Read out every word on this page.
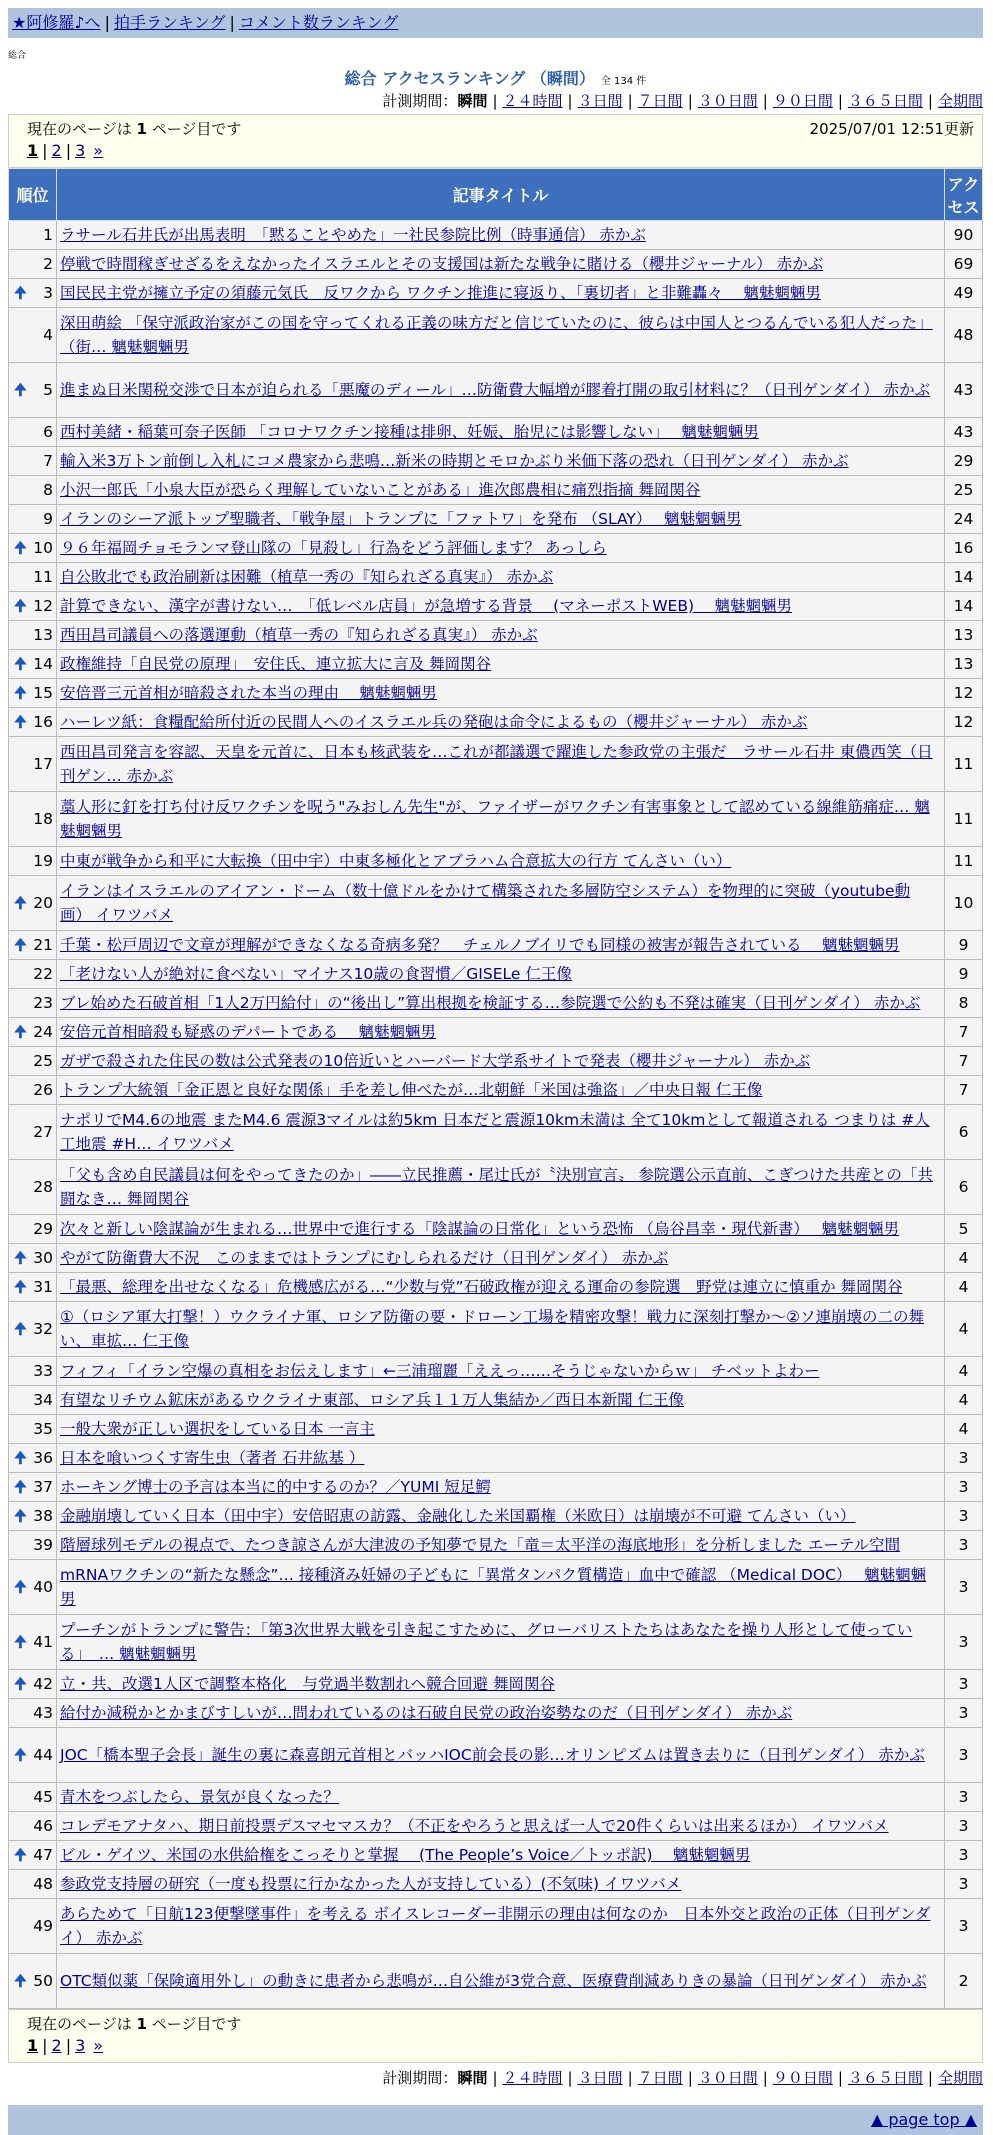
★阿修羅♪へ | 拍手ランキング | コメント数ランキング
総合
総合 アクセスランキング （瞬間） 全 134 件
計測期間：瞬間 | ２４時間 | ３日間 | ７日間 | ３０日間 | ９０日間 | ３６５日間 | 全期間
現在のページは 1 ページ目です	2025/07/01 12:51更新
1 | 2 | 3 »
順位	記事タイトル	アクセス
1	ラサール石井氏が出馬表明　「黙ることやめた」一社民参院比例（時事通信） 赤かぶ	90
2	停戦で時間稼ぎせざるをえなかったイスラエルとその支援国は新たな戦争に賭ける（櫻井ジャーナル） 赤かぶ	69

🠉 3	国民民主党が擁立予定の須藤元気氏　反ワクから ワクチン推進に寝返り、「裏切者」と非難轟々　 魑魅魍魎男	49
4	深田萌絵 「保守派政治家がこの国を守ってくれる正義の味方だと信じていたのに、彼らは中国人とつるんでいる犯人だった」（街… 魑魅魍魎男	48

🠉 5	進まぬ日米関税交渉で日本が迫られる「悪魔のディール」…防衛費大幅増が膠着打開の取引材料に？（日刊ゲンダイ） 赤かぶ	43
6	西村美緒・稲葉可奈子医師 「コロナワクチン接種は排卵、妊娠、胎児には影響しない」　 魑魅魍魎男	43
7	輸入米3万トン前倒し入札にコメ農家から悲鳴…新米の時期とモロかぶり米価下落の恐れ（日刊ゲンダイ） 赤かぶ	29
8	小沢一郎氏「小泉大臣が恐らく理解していないことがある」進次郎農相に痛烈指摘 舞岡関谷	25
9	イランのシーア派トップ聖職者、「戦争屋」トランプに「ファトワ」を発布 （SLAY）　 魑魅魍魎男	24

🠉 10	９６年福岡チョモランマ登山隊の「見殺し」行為をどう評価します？ あっしら	16
11	自公敗北でも政治刷新は困難（植草一秀の『知られざる真実』） 赤かぶ	14

🠉 12	計算できない、漢字が書けない…　「低レベル店員」が急増する背景 　(マネーポストWEB)　 魑魅魍魎男	14
13	西田昌司議員への落選運動（植草一秀の『知られざる真実』） 赤かぶ	13

🠉 14	政権維持「自民党の原理」　安住氏、連立拡大に言及 舞岡関谷	13

🠉 15	安倍晋三元首相が暗殺された本当の理由　 魑魅魍魎男	12

🠉 16	ハーレツ紙：食糧配給所付近の民間人へのイスラエル兵の発砲は命令によるもの（櫻井ジャーナル） 赤かぶ	12
17	西田昌司発言を容認、天皇を元首に、日本も核武装を…これが都議選で躍進した参政党の主張だ　ラサール石井 東儂西笑（日刊ゲン… 赤かぶ	11
18	藁人形に釘を打ち付け反ワクチンを呪う"みおしん先生"が、ファイザーがワクチン有害事象として認めている線維筋痛症… 魑魅魍魎男	11
19	中東が戦争から和平に大転換（田中宇）中東多極化とアブラハム合意拡大の行方 てんさい（い）	11

🠉 20	イランはイスラエルのアイアン・ドーム（数十億ドルをかけて構築された多層防空システム）を物理的に突破（youtube動画） イワツバメ	10

🠉 21	千葉・松戸周辺で文章が理解ができなくなる奇病多発？　チェルノブイリでも同様の被害が報告されている　 魑魅魍魎男	9
22	「老けない人が絶対に食べない」マイナス10歳の食習慣／GISELe 仁王像	9
23	ブレ始めた石破首相「1人2万円給付」の“後出し”算出根拠を検証する…参院選で公約も不発は確実（日刊ゲンダイ） 赤かぶ	8

🠉 24	安倍元首相暗殺も疑惑のデパートである　 魑魅魍魎男	7
25	ガザで殺された住民の数は公式発表の10倍近いとハーバード大学系サイトで発表（櫻井ジャーナル） 赤かぶ	7
26	トランプ大統領「金正恩と良好な関係」手を差し伸べたが…北朝鮮「米国は強盗」／中央日報 仁王像	7
27	ナポリでM4.6の地震 またM4.6 震源3マイルは約5km 日本だと震源10km未満は 全て10kmとして報道される つまりは #人工地震 #H… イワツバメ	6
28	「父も含め自民議員は何をやってきたのか」――立民推薦・尾辻氏が〝決別宣言〟 参院選公示直前、こぎつけた共産との「共闘なき… 舞岡関谷	6
29	次々と新しい陰謀論が生まれる…世界中で進行する「陰謀論の日常化」という恐怖 （烏谷昌幸・現代新書）　 魑魅魍魎男	5

🠉 30	やがて防衛費大不況　このままではトランプにむしられるだけ（日刊ゲンダイ） 赤かぶ	4

🠉 31	「最悪、総理を出せなくなる」危機感広がる…“少数与党”石破政権が迎える運命の参院選　野党は連立に慎重か 舞岡関谷	4

🠉 32	①（ロシア軍大打撃！）ウクライナ軍、ロシア防衛の要・ドローン工場を精密攻撃！戦力に深刻打撃か～②ソ連崩壊の二の舞い、車拡… 仁王像	4
33	フィフィ「イラン空爆の真相をお伝えします」←三浦瑠麗「ええっ……そうじゃないからｗ」 チベットよわー	4
34	有望なリチウム鉱床があるウクライナ東部、ロシア兵１１万人集結か／西日本新聞 仁王像	4
35	一般大衆が正しい選択をしている日本 一言主	4

🠉 36	日本を喰いつくす寄生虫（著者 石井紘基 ）	3

🠉 37	ホーキング博士の予言は本当に的中するのか？／YUMI 短足鰐	3

🠉 38	金融崩壊していく日本（田中宇）安倍昭恵の訪露、金融化した米国覇権（米欧日）は崩壊が不可避 てんさい（い）	3
39	階層球列モデルの視点で、たつき諒さんが大津波の予知夢で見た「竜＝太平洋の海底地形」を分析しました エーテル空間	3

🠉 40	mRNAワクチンの“新たな懸念”… 接種済み妊婦の子どもに「異常タンパク質構造」血中で確認 （Medical DOC）　 魑魅魍魎男	3

🠉 41	プーチンがトランプに警告：「第3次世界大戦を引き起こすために、グローバリストたちはあなたを操り人形として使っている」　… 魑魅魍魎男	3

🠉 42	立・共、改選1人区で調整本格化　与党過半数割れへ競合回避 舞岡関谷	3
43	給付か減税かとかまびすしいが…問われているのは石破自民党の政治姿勢なのだ（日刊ゲンダイ） 赤かぶ	3

🠉 44	JOC「橋本聖子会長」誕生の裏に森喜朗元首相とバッハIOC前会長の影…オリンピズムは置き去りに（日刊ゲンダイ） 赤かぶ	3
45	青木をつぶしたら、景気が良くなった？	3
46	コレデモアナタハ、期日前投票デスマセマスカ？（不正をやろうと思えば一人で20件くらいは出来るほか） イワツバメ	3

🠉 47	ビル・ゲイツ、米国の水供給権をこっそりと掌握 　(The People’s Voice／トッポ訳)　 魑魅魍魎男	3
48	参政党支持層の研究（一度も投票に行かなかった人が支持している）(不気味) イワツバメ	3
49	あらためて「日航123便撃墜事件」を考える ボイスレコーダー非開示の理由は何なのか　日本外交と政治の正体（日刊ゲンダイ） 赤かぶ	3

🠉 50	OTC類似薬「保険適用外し」の動きに患者から悲鳴が…自公維が3党合意、医療費削減ありきの暴論（日刊ゲンダイ） 赤かぶ	2
現在のページは 1 ページ目です
1 | 2 | 3 »
計測期間：瞬間 | ２４時間 | ３日間 | ７日間 | ３０日間 | ９０日間 | ３６５日間 | 全期間
▲ page top ▲
